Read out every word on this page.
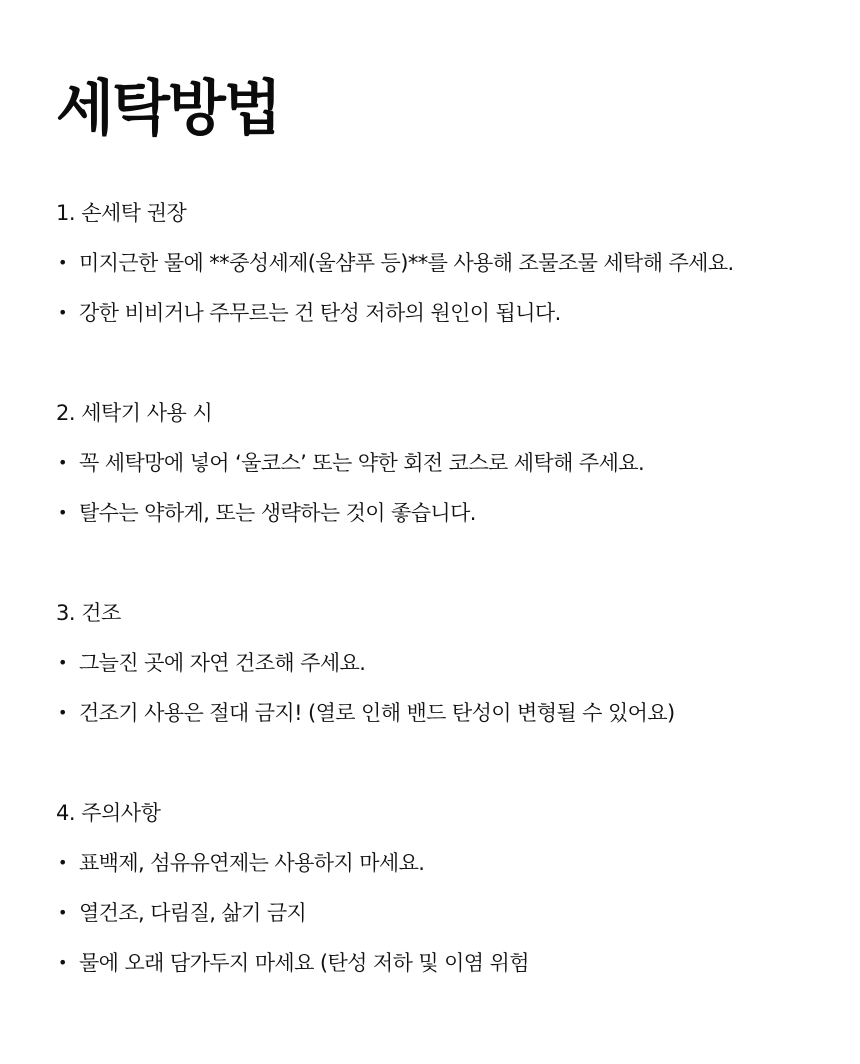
세탁방법

1. 손세탁 권장

• 미지근한 물에 **중성세제(울샴푸 등)**를 사용해 조물조물 세탁해 주세요.
• 강한 비비거나 주무르는 건 탄성 저하의 원인이 됩니다.

2. 세탁기 사용 시

• 꼭 세탁망에 넣어 ‘울코스’ 또는 약한 회전 코스로 세탁해 주세요.
• 탈수는 약하게, 또는 생략하는 것이 좋습니다.

3. 건조

• 그늘진 곳에 자연 건조해 주세요.
• 건조기 사용은 절대 금지! (열로 인해 밴드 탄성이 변형될 수 있어요)

4. 주의사항

• 표백제, 섬유유연제는 사용하지 마세요.
• 열건조, 다림질, 삶기 금지
• 물에 오래 담가두지 마세요 (탄성 저하 및 이염 위험
